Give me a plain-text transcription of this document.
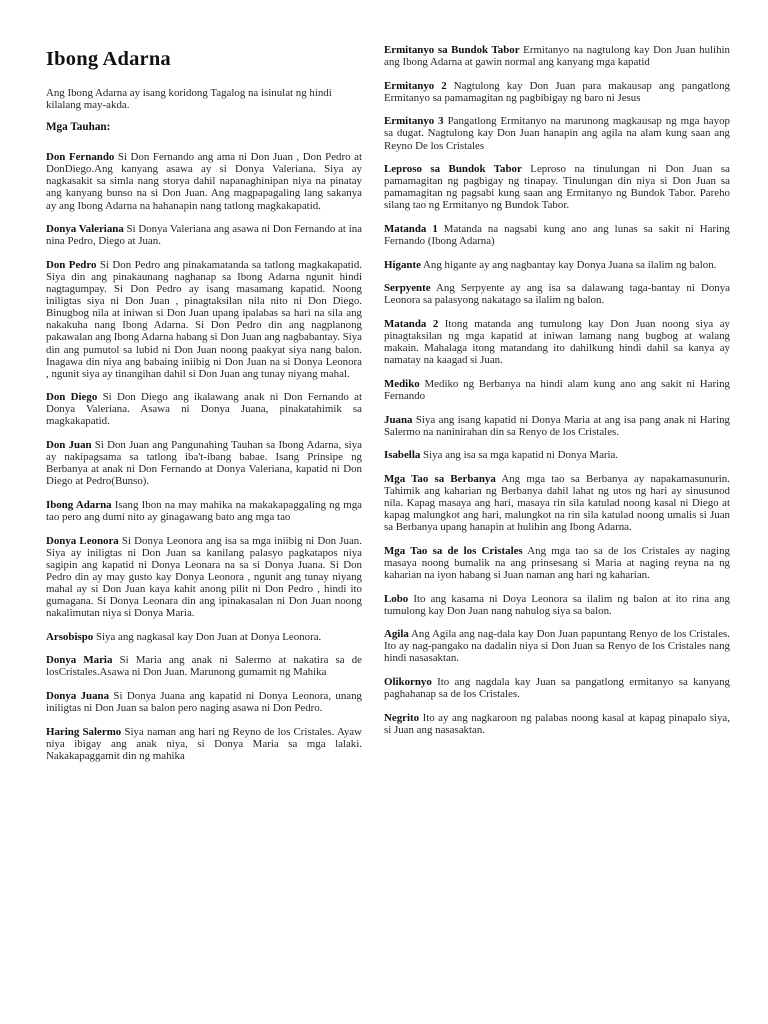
Ibong Adarna

Ang Ibong Adarna ay isang koridong Tagalog na isinulat ng hindi kilalang may-akda.

Mga Tauhan:

Don Fernando Si Don Fernando ang ama ni Don Juan , Don Pedro at DonDiego.Ang kanyang asawa ay si Donya Valeriana. Siya ay nagkasakit sa simla nang storya dahil napanaghinipan niya na pinatay ang kanyang bunso na si Don Juan. Ang magpapagaling lang sakanya ay ang Ibong Adarna na hahanapin nang tatlong magkakapatid.

Donya Valeriana Si Donya Valeriana ang asawa ni Don Fernando at ina nina Pedro, Diego at Juan.

Don Pedro Si Don Pedro ang pinakamatanda sa tatlong magkakapatid. Siya din ang pinakaunang naghanap sa Ibong Adarna ngunit hindi nagtagumpay. Si Don Pedro ay isang masamang kapatid. Noong iniligtas siya ni Don Juan , pinagtaksilan nila nito ni Don Diego. Binugbog nila at iniwan si Don Juan upang ipalabas sa hari na sila ang nakakuha nang Ibong Adarna. Si Don Pedro din ang nagplanong pakawalan ang Ibong Adarna habang si Don Juan ang nagbabantay. Siya din ang pumutol sa lubid ni Don Juan noong paakyat siya nang balon. Inagawa din niya ang babaing iniibig ni Don Juan na si Donya Leonora , ngunit siya ay tinangihan dahil si Don Juan ang tunay niyang mahal.

Don Diego Si Don Diego ang ikalawang anak ni Don Fernando at Donya Valeriana. Asawa ni Donya Juana, pinakatahimik sa magkakapatid.

Don Juan Si Don Juan ang Pangunahing Tauhan sa Ibong Adarna, siya ay nakipagsama sa tatlong iba't-ibang babae. Isang Prinsipe ng Berbanya at anak ni Don Fernando at Donya Valeriana, kapatid ni Don Diego at Pedro(Bunso).

Ibong Adarna Isang Ibon na may mahika na makakapaggaling ng mga tao pero ang dumi nito ay ginagawang bato ang mga tao

Donya Leonora Si Donya Leonora ang isa sa mga iniibig ni Don Juan. Siya ay iniligtas ni Don Juan sa kanilang palasyo pagkatapos niya sagipin ang kapatid ni Donya Leonara na sa si Donya Juana. Si Don Pedro din ay may gusto kay Donya Leonora , ngunit ang tunay niyang mahal ay si Don Juan kaya kahit anong pilit ni Don Pedro , hindi ito gumagana. Si Donya Leonara din ang ipinakasalan ni Don Juan noong nakalimutan niya si Donya Maria.

Arsobispo Siya ang nagkasal kay Don Juan at Donya Leonora.

Donya Maria Si Maria ang anak ni Salermo at nakatira sa de losCristales.Asawa ni Don Juan. Marunong gumamit ng Mahika

Donya Juana Si Donya Juana ang kapatid ni Donya Leonora, unang iniligtas ni Don Juan sa balon pero naging asawa ni Don Pedro.

Haring Salermo Siya naman ang hari ng Reyno de los Cristales. Ayaw niya ibigay ang anak niya, si Donya Maria sa mga lalaki. Nakakapaggamit din ng mahika

Ermitanyo sa Bundok Tabor Ermitanyo na nagtulong kay Don Juan hulihin ang Ibong Adarna at gawin normal ang kanyang mga kapatid

Ermitanyo 2 Nagtulong kay Don Juan para makausap ang pangatlong Ermitanyo sa pamamagitan ng pagbibigay ng baro ni Jesus

Ermitanyo 3 Pangatlong Ermitanyo na marunong magkausap ng mga hayop sa dugat. Nagtulong kay Don Juan hanapin ang agila na alam kung saan ang Reyno De los Cristales

Leproso sa Bundok Tabor Leproso na tinulungan ni Don Juan sa pamamagitan ng pagbigay ng tinapay. Tinulungan din niya si Don Juan sa pamamagitan ng pagsabi kung saan ang Ermitanyo ng Bundok Tabor. Pareho silang tao ng Ermitanyo ng Bundok Tabor.

Matanda 1 Matanda na nagsabi kung ano ang lunas sa sakit ni Haring Fernando (Ibong Adarna)

Higante Ang higante ay ang nagbantay kay Donya Juana sa ilalim ng balon.

Serpyente Ang Serpyente ay ang isa sa dalawang taga-bantay ni Donya Leonora sa palasyong nakatago sa ilalim ng balon.

Matanda 2 Itong matanda ang tumulong kay Don Juan noong siya ay pinagtaksilan ng mga kapatid at iniwan lamang nang bugbog at walang makain. Mahalaga itong matandang ito dahilkung hindi dahil sa kanya ay namatay na kaagad si Juan.

Mediko Mediko ng Berbanya na hindi alam kung ano ang sakit ni Haring Fernando

Juana Siya ang isang kapatid ni Donya Maria at ang isa pang anak ni Haring Salermo na naninirahan din sa Renyo de los Cristales.

Isabella Siya ang isa sa mga kapatid ni Donya Maria.

Mga Tao sa Berbanya Ang mga tao sa Berbanya ay napakamasunurin. Tahimik ang kaharian ng Berbanya dahil lahat ng utos ng hari ay sinusunod nila. Kapag masaya ang hari, masaya rin sila katulad noong kasal ni Diego at kapag malungkot ang hari, malungkot na rin sila katulad noong umalis si Juan sa Berbanya upang hanapin at hulihin ang Ibong Adarna.

Mga Tao sa de los Cristales Ang mga tao sa de los Cristales ay naging masaya noong bumalik na ang prinsesang si Maria at naging reyna na ng kaharian na iyon habang si Juan naman ang hari ng kaharian.

Lobo Ito ang kasama ni Doya Leonora sa ilalim ng balon at ito rina ang tumulong kay Don Juan nang nahulog siya sa balon.

Agila Ang Agila ang nag-dala kay Don Juan papuntang Renyo de los Cristales. Ito ay nag-pangako na dadalin niya si Don Juan sa Renyo de los Cristales nang hindi nasasaktan.

Olikornyo Ito ang nagdala kay Juan sa pangatlong ermitanyo sa kanyang paghahanap sa de los Cristales.

Negrito Ito ay ang nagkaroon ng palabas noong kasal at kapag pinapalo siya, si Juan ang nasasaktan.
